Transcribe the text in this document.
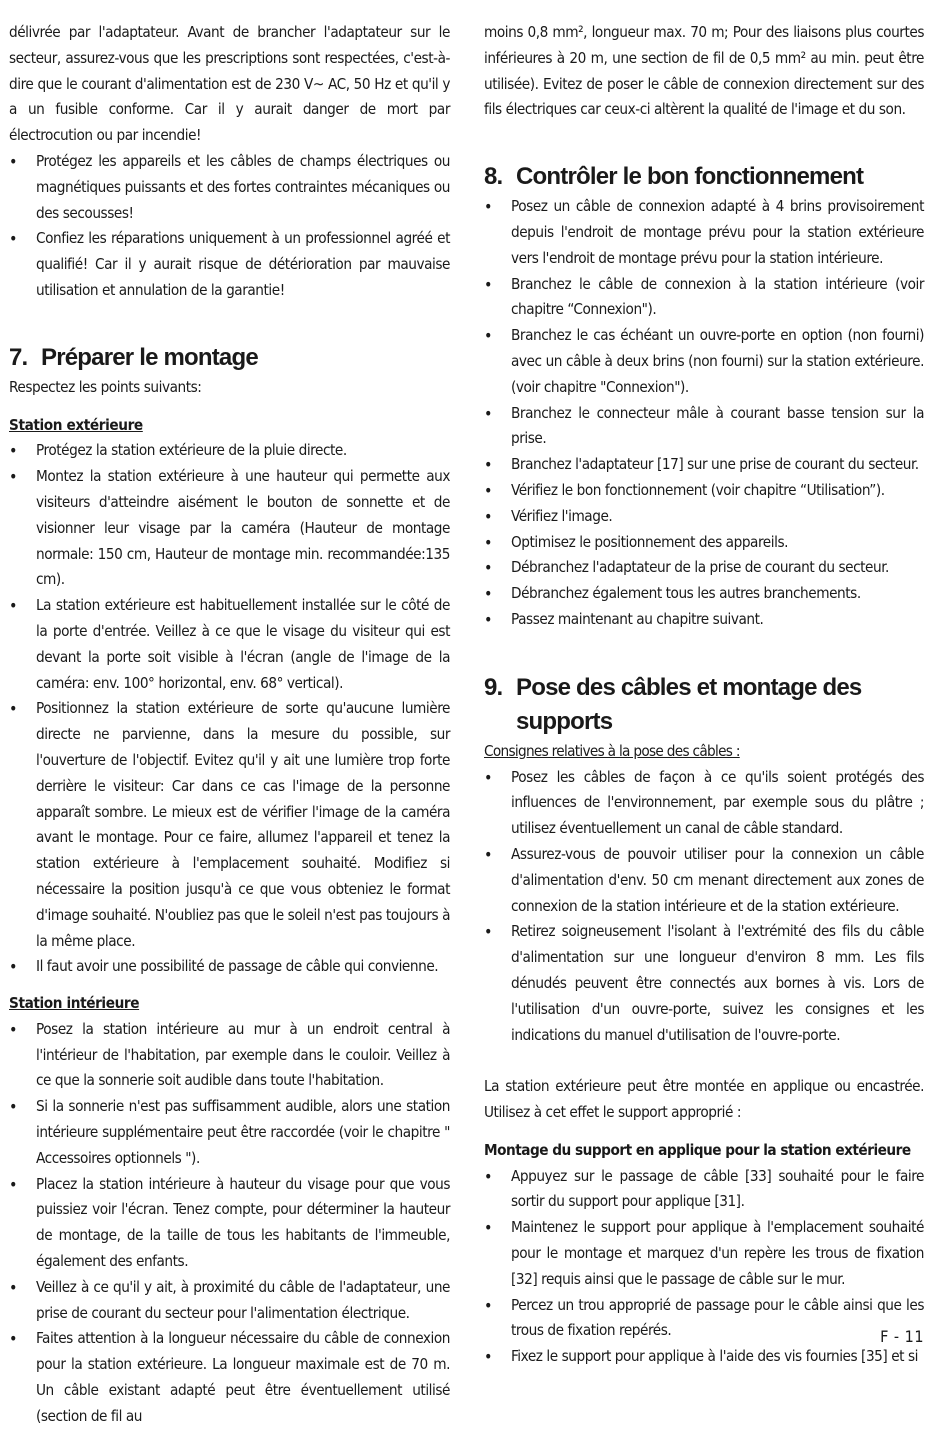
délivrée par l'adaptateur. Avant de brancher l'adaptateur sur le secteur, assurez-vous que les prescriptions sont respectées, c'est-à-dire que le courant d'alimentation est de 230 V∼ AC, 50 Hz et qu'il y a un fusible conforme. Car il y aurait danger de mort par électrocution ou par incendie!

• Protégez les appareils et les câbles de champs électriques ou magnétiques puissants et des fortes contraintes mécaniques ou des secousses!
• Confiez les réparations uniquement à un professionnel agréé et qualifié! Car il y aurait risque de détérioration par mauvaise utilisation et annulation de la garantie!
7. Préparer le montage

Respectez les points suivants:

Station extérieure

• Protégez la station extérieure de la pluie directe.
• Montez la station extérieure à une hauteur qui permette aux visiteurs d'atteindre aisément le bouton de sonnette et de visionner leur visage par la caméra (Hauteur de montage normale: 150 cm, Hauteur de montage min. recommandée:135 cm).
• La station extérieure est habituellement installée sur le côté de la porte d'entrée. Veillez à ce que le visage du visiteur qui est devant la porte soit visible à l'écran (angle de l'image de la caméra: env. 100° horizontal, env. 68° vertical).
• Positionnez la station extérieure de sorte qu'aucune lumière directe ne parvienne, dans la mesure du possible, sur l'ouverture de l'objectif. Evitez qu'il y ait une lumière trop forte derrière le visiteur: Car dans ce cas l'image de la personne apparaît sombre. Le mieux est de vérifier l'image de la caméra avant le montage. Pour ce faire, allumez l'appareil et tenez la station extérieure à l'emplacement souhaité. Modifiez si nécessaire la position jusqu'à ce que vous obteniez le format d'image souhaité. N'oubliez pas que le soleil n'est pas toujours à la même place.
• Il faut avoir une possibilité de passage de câble qui convienne.

Station intérieure

• Posez la station intérieure au mur à un endroit central à l'intérieur de l'habitation, par exemple dans le couloir. Veillez à ce que la sonnerie soit audible dans toute l'habitation.
• Si la sonnerie n'est pas suffisamment audible, alors une station intérieure supplémentaire peut être raccordée (voir le chapitre " Accessoires optionnels ").
• Placez la station intérieure à hauteur du visage pour que vous puissiez voir l'écran. Tenez compte, pour déterminer la hauteur de montage, de la taille de tous les habitants de l'immeuble, également des enfants.
• Veillez à ce qu'il y ait, à proximité du câble de l'adaptateur, une prise de courant du secteur pour l'alimentation électrique.
• Faites attention à la longueur nécessaire du câble de connexion pour la station extérieure. La longueur maximale est de 70 m. Un câble existant adapté peut être éventuellement utilisé (section de fil au

moins 0,8 mm², longueur max. 70 m; Pour des liaisons plus courtes inférieures à 20 m, une section de fil de 0,5 mm² au min. peut être utilisée). Evitez de poser le câble de connexion directement sur des fils électriques car ceux-ci altèrent la qualité de l'image et du son.

8. Contrôler le bon fonctionnement
• Posez un câble de connexion adapté à 4 brins provisoirement depuis l'endroit de montage prévu pour la station extérieure vers l'endroit de montage prévu pour la station intérieure.
• Branchez le câble de connexion à la station intérieure (voir chapitre “Connexion").
• Branchez le cas échéant un ouvre-porte en option (non fourni) avec un câble à deux brins (non fourni) sur la station extérieure. (voir chapitre "Connexion").
• Branchez le connecteur mâle à courant basse tension sur la prise.
• Branchez l'adaptateur [17] sur une prise de courant du secteur.
• Vérifiez le bon fonctionnement (voir chapitre “Utilisation”).
• Vérifiez l'image.
• Optimisez le positionnement des appareils.
• Débranchez l'adaptateur de la prise de courant du secteur.
• Débranchez également tous les autres branchements.
• Passez maintenant au chapitre suivant.
9. Pose des câbles et montage des
supports

Consignes relatives à la pose des câbles :

• Posez les câbles de façon à ce qu'ils soient protégés des influences de l'environnement, par exemple sous du plâtre ; utilisez éventuellement un canal de câble standard.
• Assurez-vous de pouvoir utiliser pour la connexion un câble d'alimentation d'env. 50 cm menant directement aux zones de connexion de la station intérieure et de la station extérieure.
• Retirez soigneusement l'isolant à l'extrémité des fils du câble d'alimentation sur une longueur d'environ 8 mm. Les fils dénudés peuvent être connectés aux bornes à vis. Lors de l'utilisation d'un ouvre-porte, suivez les consignes et les indications du manuel d'utilisation de l'ouvre-porte.

La station extérieure peut être montée en applique ou encastrée. Utilisez à cet effet le support approprié :

Montage du support en applique pour la station extérieure

• Appuyez sur le passage de câble [33] souhaité pour le faire sortir du support pour applique [31].
• Maintenez le support pour applique à l'emplacement souhaité pour le montage et marquez d'un repère les trous de fixation [32] requis ainsi que le passage de câble sur le mur.
• Percez un trou approprié de passage pour le câble ainsi que les trous de fixation repérés.
• Fixez le support pour applique à l'aide des vis fournies [35] et si
F - 11
